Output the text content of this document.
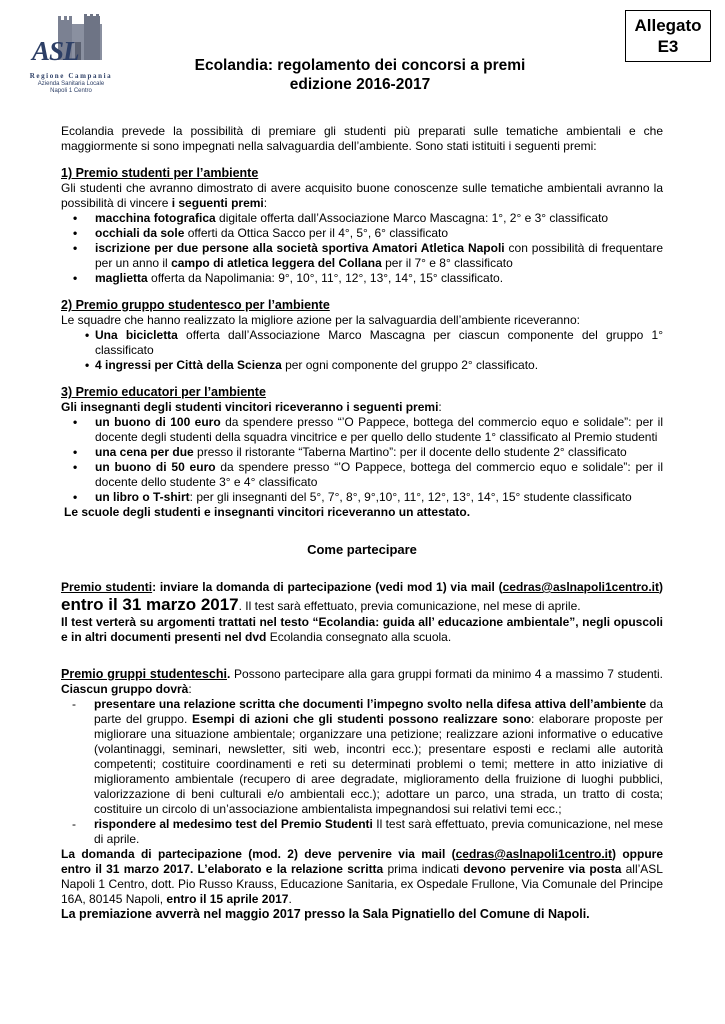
ASL
Regione Campania
Azienda Sanitaria Locale
Napoli 1 Centro
Allegato
E3
Ecolandia: regolamento dei concorsi a premi
edizione 2016-2017

Ecolandia prevede la possibilità di premiare gli studenti più preparati sulle tematiche ambientali e che maggiormente si sono impegnati nella salvaguardia dell’ambiente. Sono stati istituiti i seguenti premi:

1) Premio studenti per l’ambiente

Gli studenti che avranno dimostrato di avere acquisito buone conoscenze sulle tematiche ambientali avranno la possibilità di vincere i seguenti premi:

• macchina fotografica digitale offerta dall’Associazione Marco Mascagna: 1°, 2° e 3° classificato
• occhiali da sole offerti da Ottica Sacco per il 4°, 5°, 6° classificato
• iscrizione per due persone alla società sportiva Amatori Atletica Napoli con possibilità di frequentare per un anno il campo di atletica leggera del Collana per il 7° e 8° classificato
• maglietta offerta da Napolimania: 9°, 10°, 11°, 12°, 13°, 14°, 15° classificato.
2) Premio gruppo studentesco per l’ambiente

Le squadre che hanno realizzato la migliore azione per la salvaguardia dell’ambiente riceveranno:

• Una bicicletta offerta dall’Associazione Marco Mascagna per ciascun componente del gruppo 1° classificato
• 4 ingressi per Città della Scienza per ogni componente del gruppo 2° classificato.
3) Premio educatori per l’ambiente

Gli insegnanti degli studenti vincitori riceveranno i seguenti premi:

• un buono di 100 euro da spendere presso “’O Pappece, bottega del commercio equo e solidale”: per il docente degli studenti della squadra vincitrice e per quello dello studente 1° classificato al Premio studenti
• una cena per due presso il ristorante “Taberna Martino”: per il docente dello studente 2° classificato
• un buono di 50 euro da spendere presso “’O Pappece, bottega del commercio equo e solidale”: per il docente dello studente 3° e 4° classificato
• un libro o T-shirt: per gli insegnanti del 5°, 7°, 8°, 9°,10°, 11°, 12°, 13°, 14°, 15° studente classificato

Le scuole degli studenti e insegnanti vincitori riceveranno un attestato.

Come partecipare

Premio studenti: inviare la domanda di partecipazione (vedi mod 1) via mail (cedras@aslnapoli1centro.it) entro il 31 marzo 2017. Il test sarà effettuato, previa comunicazione, nel mese di aprile.

Il test verterà su argomenti trattati nel testo “Ecolandia: guida all’ educazione ambientale”, negli opuscoli e in altri documenti presenti nel dvd Ecolandia consegnato alla scuola.

Premio gruppi studenteschi. Possono partecipare alla gara gruppi formati da minimo 4 a massimo 7 studenti. Ciascun gruppo dovrà:

- presentare una relazione scritta che documenti l’impegno svolto nella difesa attiva dell’ambiente da parte del gruppo. Esempi di azioni che gli studenti possono realizzare sono: elaborare proposte per migliorare una situazione ambientale; organizzare una petizione; realizzare azioni informative o educative (volantinaggi, seminari, newsletter, siti web, incontri ecc.); presentare esposti e reclami alle autorità competenti; costituire coordinamenti e reti su determinati problemi o temi; mettere in atto iniziative di miglioramento ambientale (recupero di aree degradate, miglioramento della fruizione di luoghi pubblici, valorizzazione di beni culturali e/o ambientali ecc.); adottare un parco, una strada, un tratto di costa; costituire un circolo di un’associazione ambientalista impegnandosi sui relativi temi ecc.;
- rispondere al medesimo test del Premio Studenti Il test sarà effettuato, previa comunicazione, nel mese di aprile.

La domanda di partecipazione (mod. 2) deve pervenire via mail (cedras@aslnapoli1centro.it) oppure entro il 31 marzo 2017. L’elaborato e la relazione scritta prima indicati devono pervenire via posta all’ASL Napoli 1 Centro, dott. Pio Russo Krauss, Educazione Sanitaria, ex Ospedale Frullone, Via Comunale del Principe 16A, 80145 Napoli, entro il 15 aprile 2017.

La premiazione avverrà nel maggio 2017 presso la Sala Pignatiello del Comune di Napoli.
